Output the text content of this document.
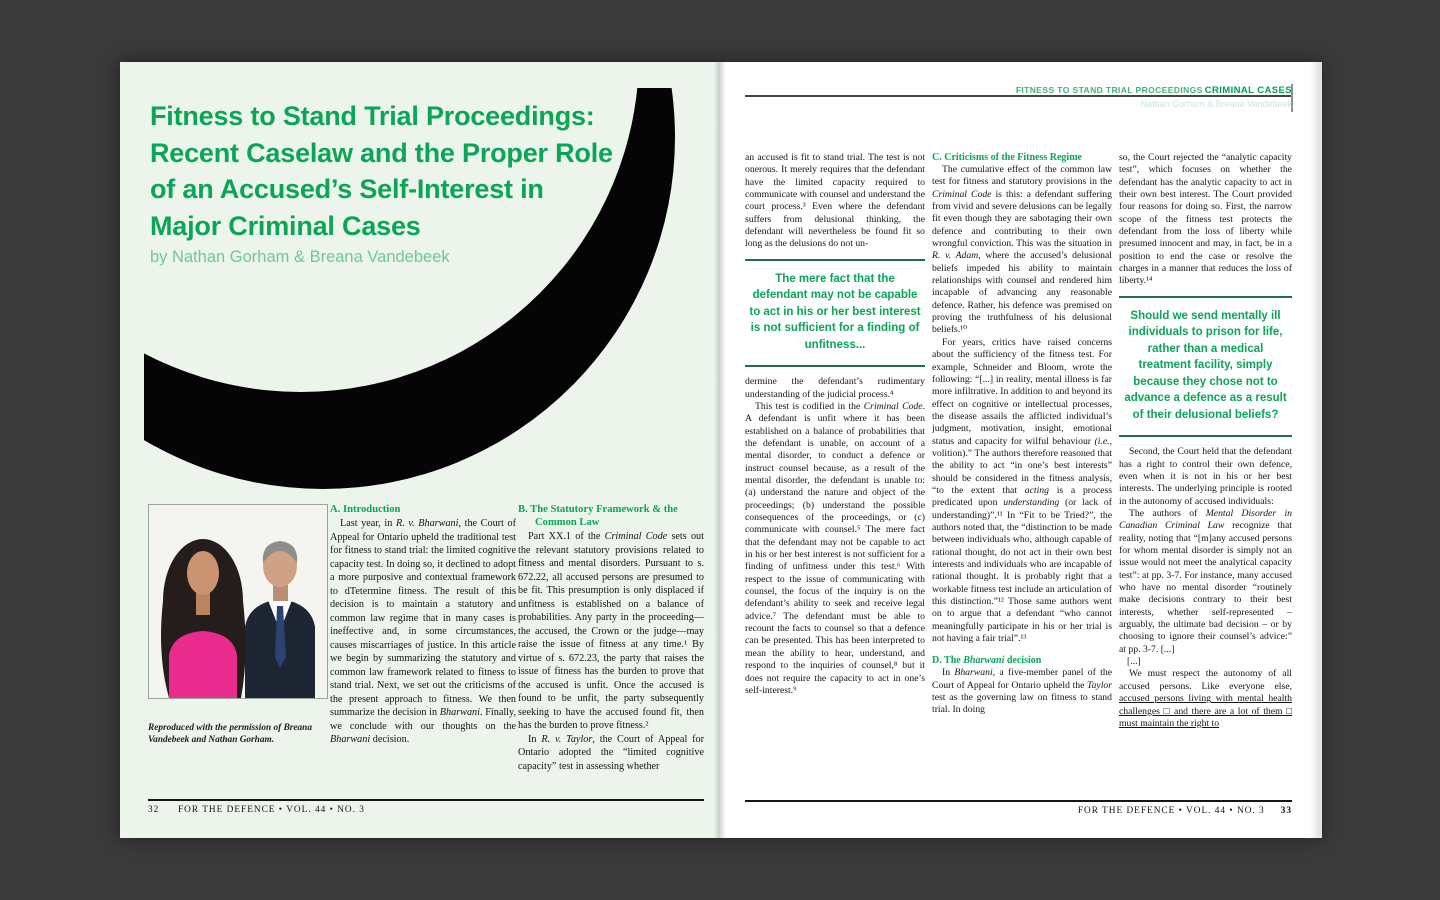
Fitness to Stand Trial Proceedings:
Recent Caselaw and the Proper Role
of an Accused’s Self-Interest in
Major Criminal Cases
by Nathan Gorham & Breana Vandebeek
Reproduced with the permission of Breana Vandebeek and Nathan Gorham.
A. Introduction

Last year, in R. v. Bharwani, the Court of Appeal for Ontario upheld the traditional test for fitness to stand trial: the limited cognitive capacity test. In doing so, it declined to adopt a more purposive and contextual framework to dTetermine fitness. The result of this decision is to maintain a statutory and common law regime that in many cases is ineffective and, in some circumstances, causes miscarriages of justice. In this article we begin by summarizing the statutory and common law framework related to fitness to stand trial. Next, we set out the criticisms of the present approach to fitness. We then summarize the decision in Bharwani. Finally, we conclude with our thoughts on the Bharwani decision.

B. The Statutory Framework & the
Common Law

Part XX.1 of the Criminal Code sets out the relevant statutory provisions related to fitness and mental disorders. Pursuant to s. 672.22, all accused persons are presumed to be fit. This presumption is only displaced if unfitness is established on a balance of probabilities. Any party in the proceeding—the accused, the Crown or the judge—may raise the issue of fitness at any time.¹ By virtue of s. 672.23, the party that raises the issue of fitness has the burden to prove that the accused is unfit. Once the accused is found to be unfit, the party subsequently seeking to have the accused found fit, then has the burden to prove fitness.²

In R. v. Taylor, the Court of Appeal for Ontario adopted the “limited cognitive capacity” test in assessing whether

32	FOR THE DEFENCE • VOL. 44 • NO. 3
FITNESS TO STAND TRIAL PROCEEDINGS CRIMINAL CASES
Nathan Gorham & Breana Vandebeek

an accused is fit to stand trial. The test is not onerous. It merely requires that the defendant have the limited capacity required to communicate with counsel and understand the court process.³ Even where the defendant suffers from delusional thinking, the defendant will nevertheless be found fit so long as the delusions do not un-

The mere fact that the defendant may not be capable to act in his or her best interest is not sufficient for a finding of unfitness...

dermine the defendant’s rudimentary understanding of the judicial process.⁴

This test is codified in the Criminal Code. A defendant is unfit where it has been established on a balance of probabilities that the defendant is unable, on account of a mental disorder, to conduct a defence or instruct counsel because, as a result of the mental disorder, the defendant is unable to: (a) understand the nature and object of the proceedings; (b) understand the possible consequences of the proceedings, or (c) communicate with counsel.⁵ The mere fact that the defendant may not be capable to act in his or her best interest is not sufficient for a finding of unfitness under this test.⁶ With respect to the issue of communicating with counsel, the focus of the inquiry is on the defendant’s ability to seek and receive legal advice.⁷ The defendant must be able to recount the facts to counsel so that a defence can be presented. This has been interpreted to mean the ability to hear, understand, and respond to the inquiries of counsel,⁸ but it does not require the capacity to act in one’s self-interest.⁹

C. Criticisms of the Fitness Regime

The cumulative effect of the common law test for fitness and statutory provisions in the Criminal Code is this: a defendant suffering from vivid and severe delusions can be legally fit even though they are sabotaging their own defence and contributing to their own wrongful conviction. This was the situation in R. v. Adam, where the accused’s delusional beliefs impeded his ability to maintain relationships with counsel and rendered him incapable of advancing any reasonable defence. Rather, his defence was premised on proving the truthfulness of his delusional beliefs.¹⁰

For years, critics have raised concerns about the sufficiency of the fitness test. For example, Schneider and Bloom, wrote the following: “[...] in reality, mental illness is far more infiltrative. In addition to and beyond its effect on cognitive or intellectual processes, the disease assails the afflicted individual’s judgment, motivation, insight, emotional status and capacity for wilful behaviour (i.e., volition).” The authors therefore reasoned that the ability to act “in one’s best interests” should be considered in the fitness analysis, “to the extent that acting is a process predicated upon understanding (or lack of understanding)”.¹¹ In “Fit to be Tried?”, the authors noted that, the “distinction to be made between individuals who, although capable of rational thought, do not act in their own best interests and individuals who are incapable of rational thought. It is probably right that a workable fitness test include an articulation of this distinction.”¹² Those same authors went on to argue that a defendant “who cannot meaningfully participate in his or her trial is not having a fair trial”.¹³

D. The Bharwani decision

In Bharwani, a five-member panel of the Court of Appeal for Ontario upheld the Taylor test as the governing law on fitness to stand trial. In doing

so, the Court rejected the “analytic capacity test”, which focuses on whether the defendant has the analytic capacity to act in their own best interest. The Court provided four reasons for doing so. First, the narrow scope of the fitness test protects the defendant from the loss of liberty while presumed innocent and may, in fact, be in a position to end the case or resolve the charges in a manner that reduces the loss of liberty.¹⁴

Should we send mentally ill individuals to prison for life, rather than a medical treatment facility, simply because they chose not to advance a defence as a result of their delusional beliefs?

Second, the Court held that the defendant has a right to control their own defence, even when it is not in his or her best interests. The underlying principle is rooted in the autonomy of accused individuals:

The authors of Mental Disorder in Canadian Criminal Law recognize that reality, noting that “[m]any accused persons for whom mental disorder is simply not an issue would not meet the analytical capacity test”: at pp. 3-7. For instance, many accused who have no mental disorder “routinely make decisions contrary to their best interests, whether self-represented – arguably, the ultimate bad decision – or by choosing to ignore their counsel’s advice:” at pp. 3-7. [...]

[...]

We must respect the autonomy of all accused persons. Like everyone else, accused persons living with mental health challenges □ and there are a lot of them □ must maintain the right to

FOR THE DEFENCE • VOL. 44 • NO. 3 33
